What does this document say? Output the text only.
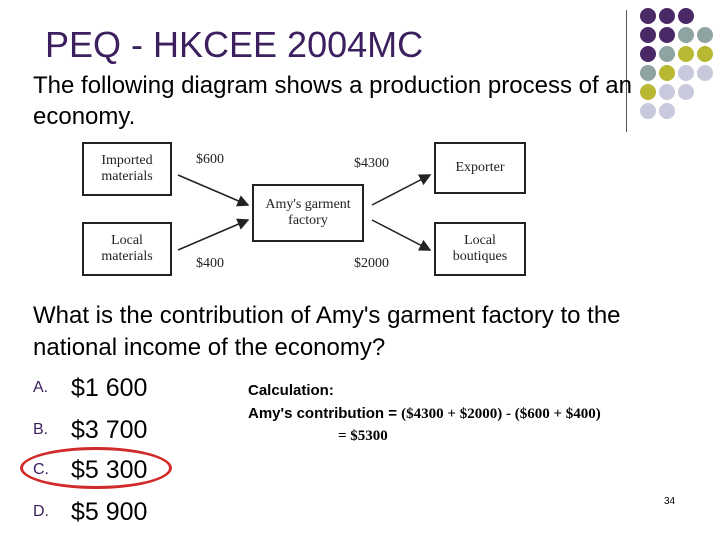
PEQ - HKCEE 2004MC
The following diagram shows a production process of an economy.
Imported materials
Local materials
Amy's garment factory
Exporter
Local boutiques
$600
$400
$4300
$2000
What is the contribution of Amy's garment factory to the national income of the economy?
A. $1 600
B. $3 700
C. $5 300
D. $5 900
Calculation:
Amy's contribution = ($4300 + $2000) - ($600 + $400)
= $5300
34
